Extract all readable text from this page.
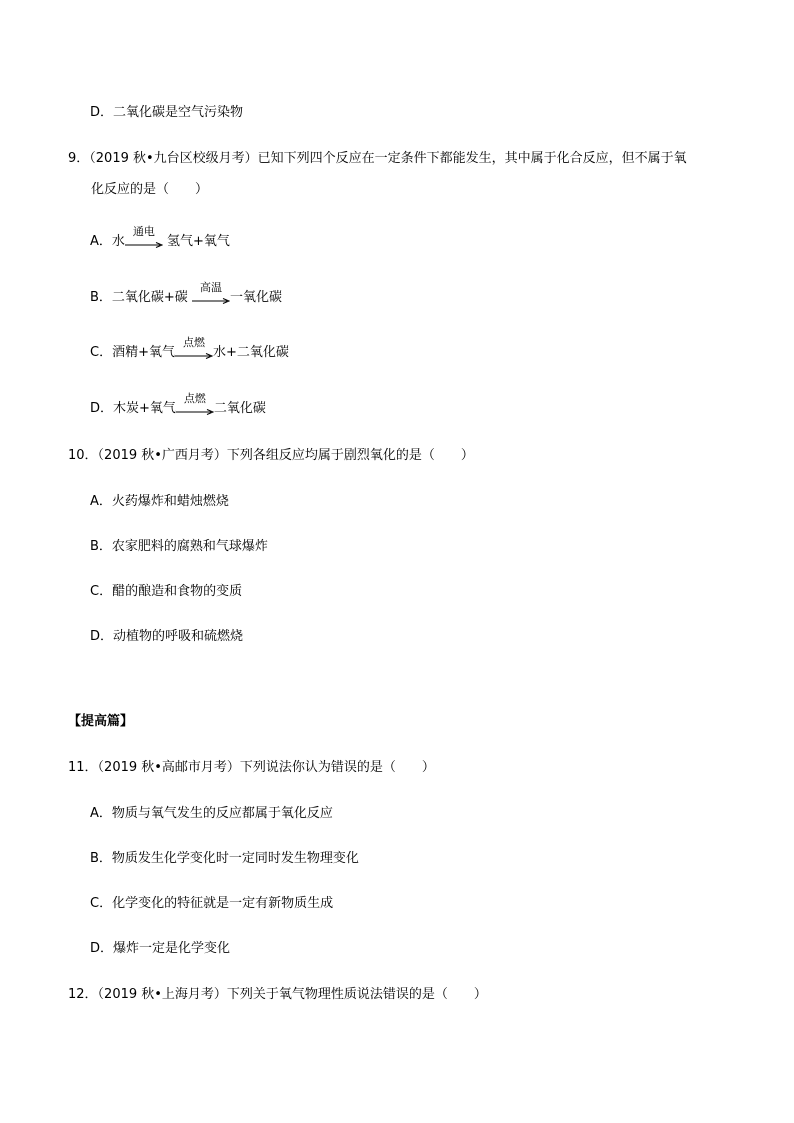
D．二氧化碳是空气污染物
9．（2019 秋•九台区校级月考）已知下列四个反应在一定条件下都能发生，其中属于化合反应，但不属于氧
化反应的是（　　）
A．水
通电
氢气+氧气
B．二氧化碳+碳
高温
一氧化碳
C．酒精+氧气
点燃
水+二氧化碳
D．木炭+氧气
点燃
二氧化碳
10．（2019 秋•广西月考）下列各组反应均属于剧烈氧化的是（　　）
A．火药爆炸和蜡烛燃烧
B．农家肥料的腐熟和气球爆炸
C．醋的酿造和食物的变质
D．动植物的呼吸和硫燃烧
【提高篇】
11．（2019 秋•高邮市月考）下列说法你认为错误的是（　　）
A．物质与氧气发生的反应都属于氧化反应
B．物质发生化学变化时一定同时发生物理变化
C．化学变化的特征就是一定有新物质生成
D．爆炸一定是化学变化
12．（2019 秋•上海月考）下列关于氧气物理性质说法错误的是（　　）
